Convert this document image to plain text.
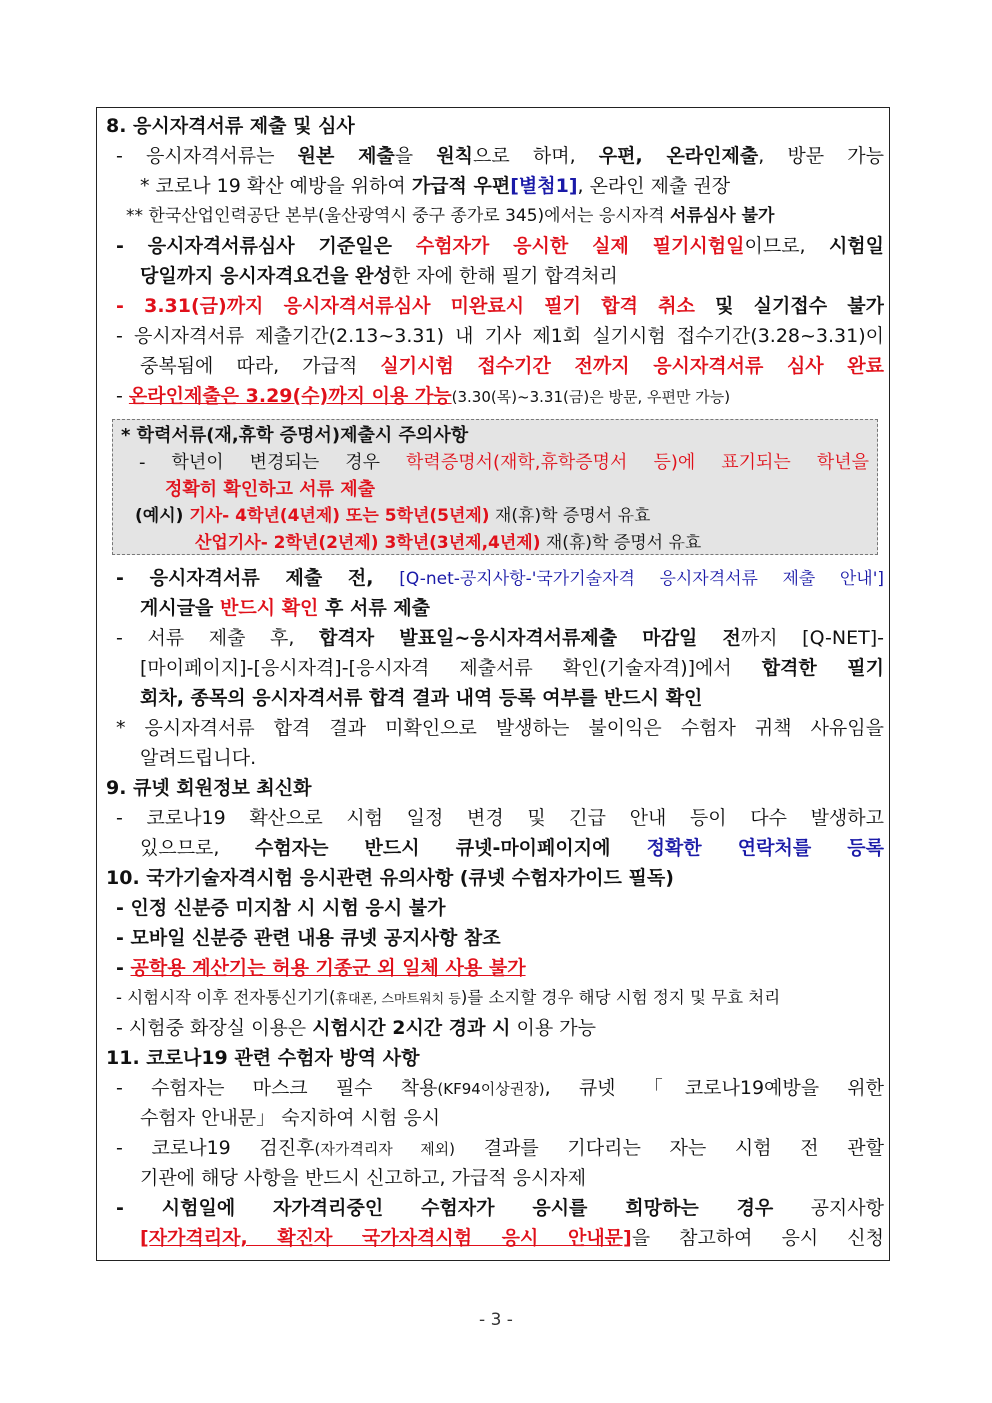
8. 응시자격서류 제출 및 심사
- 응시자격서류는 원본 제출을 원칙으로 하며, 우편, 온라인제출, 방문 가능
* 코로나 19 확산 예방을 위하여 가급적 우편[별첨1], 온라인 제출 권장
** 한국산업인력공단 본부(울산광역시 중구 종가로 345)에서는 응시자격 서류심사 불가
- 응시자격서류심사 기준일은 수험자가 응시한 실제 필기시험일이므로, 시험일
당일까지 응시자격요건을 완성한 자에 한해 필기 합격처리
- 3.31(금)까지 응시자격서류심사 미완료시 필기 합격 취소 및 실기접수 불가
- 응시자격서류 제출기간(2.13~3.31) 내 기사 제1회 실기시험 접수기간(3.28~3.31)이
중복됨에 따라, 가급적 실기시험 접수기간 전까지 응시자격서류 심사 완료
- 온라인제출은 3.29(수)까지 이용 가능(3.30(목)~3.31(금)은 방문, 우편만 가능)
* 학력서류(재,휴학 증명서)제출시 주의사항
- 학년이 변경되는 경우 학력증명서(재학,휴학증명서 등)에 표기되는 학년을
정확히 확인하고 서류 제출
(예시) 기사- 4학년(4년제) 또는 5학년(5년제) 재(휴)학 증명서 유효
산업기사- 2학년(2년제) 3학년(3년제,4년제) 재(휴)학 증명서 유효
- 응시자격서류 제출 전, [Q-net-공지사항-'국가기술자격 응시자격서류 제출 안내']
게시글을 반드시 확인 후 서류 제출
- 서류 제출 후, 합격자 발표일~응시자격서류제출 마감일 전까지 [Q-NET]-
[마이페이지]-[응시자격]-[응시자격 제출서류 확인(기술자격)]에서 합격한 필기
회차, 종목의 응시자격서류 합격 결과 내역 등록 여부를 반드시 확인
* 응시자격서류 합격 결과 미확인으로 발생하는 불이익은 수험자 귀책 사유임을
알려드립니다.
9. 큐넷 회원정보 최신화
- 코로나19 확산으로 시험 일정 변경 및 긴급 안내 등이 다수 발생하고
있으므로, 수험자는 반드시 큐넷-마이페이지에 정확한 연락처를 등록
10. 국가기술자격시험 응시관련 유의사항 (큐넷 수험자가이드 필독)
- 인정 신분증 미지참 시 시험 응시 불가
- 모바일 신분증 관련 내용 큐넷 공지사항 참조
- 공학용 계산기는 허용 기종군 외 일체 사용 불가
- 시험시작 이후 전자통신기기(휴대폰, 스마트워치 등)를 소지할 경우 해당 시험 정지 및 무효 처리
- 시험중 화장실 이용은 시험시간 2시간 경과 시 이용 가능
11. 코로나19 관련 수험자 방역 사항
- 수험자는 마스크 필수 착용(KF94이상권장), 큐넷 「코로나19예방을 위한
수험자 안내문」 숙지하여 시험 응시
- 코로나19 검진후(자가격리자 제외) 결과를 기다리는 자는 시험 전 관할
기관에 해당 사항을 반드시 신고하고, 가급적 응시자제
- 시험일에 자가격리중인 수험자가 응시를 희망하는 경우 공지사항
[자가격리자, 확진자 국가자격시험 응시 안내문]을 참고하여 응시 신청
- 3 -
